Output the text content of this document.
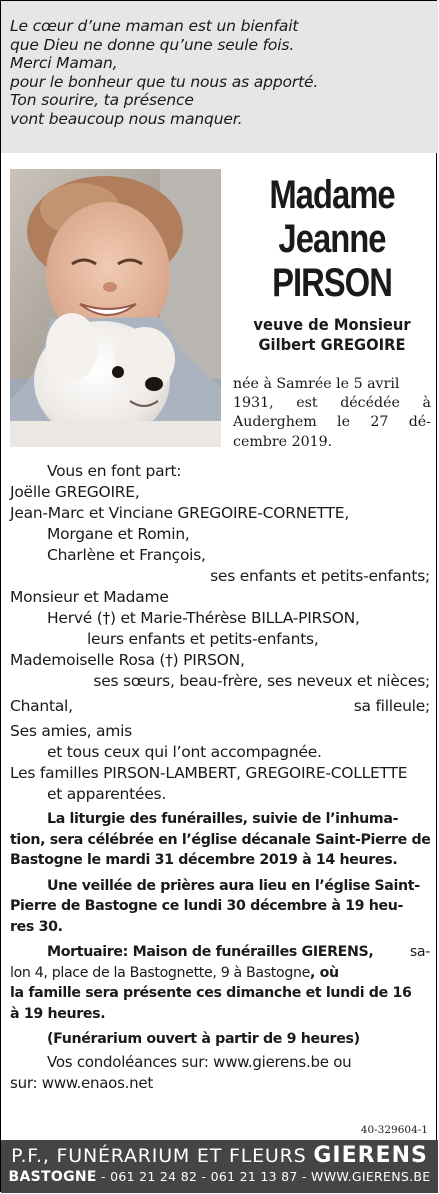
Le cœur d’une maman est un bienfait
que Dieu ne donne qu’une seule fois.
Merci Maman,
pour le bonheur que tu nous as apporté.
Ton sourire, ta présence
vont beaucoup nous manquer.
Madame
Jeanne
PIRSON
veuve de Monsieur
Gilbert GREGOIRE
née à Samrée le 5 avril
1931, est décédée à
Auderghem le 27 dé-
cembre 2019.
Vous en font part:
Joëlle GREGOIRE,
Jean-Marc et Vinciane GREGOIRE-CORNETTE,
Morgane et Romin,
Charlène et François,
ses enfants et petits-enfants;
Monsieur et Madame
Hervé (†) et Marie-Thérèse BILLA-PIRSON,
leurs enfants et petits-enfants,
Mademoiselle Rosa (†) PIRSON,
ses sœurs, beau-frère, ses neveux et nièces;
Chantal,	sa filleule;
Ses amies, amis
et tous ceux qui l’ont accompagnée.
Les familles PIRSON-LAMBERT, GREGOIRE-COLLETTE
et apparentées.
La liturgie des funérailles, suivie de l’inhuma-
tion, sera célébrée en l’église décanale Saint-Pierre de
Bastogne le mardi 31 décembre 2019 à 14 heures.
Une veillée de prières aura lieu en l’église Saint-
Pierre de Bastogne ce lundi 30 décembre à 19 heu-
res 30.
Mortuaire: Maison de funérailles GIERENS,	sa-
lon 4, place de la Bastognette, 9 à Bastogne, où
la famille sera présente ces dimanche et lundi de 16
à 19 heures.
(Funérarium ouvert à partir de 9 heures)
Vos condoléances sur: www.gierens.be ou
sur: www.enaos.net
40-329604-1
P.F., FUNÉRARIUM ET FLEURS GIERENS
BASTOGNE - 061 21 24 82 - 061 21 13 87 - WWW.GIERENS.BE
